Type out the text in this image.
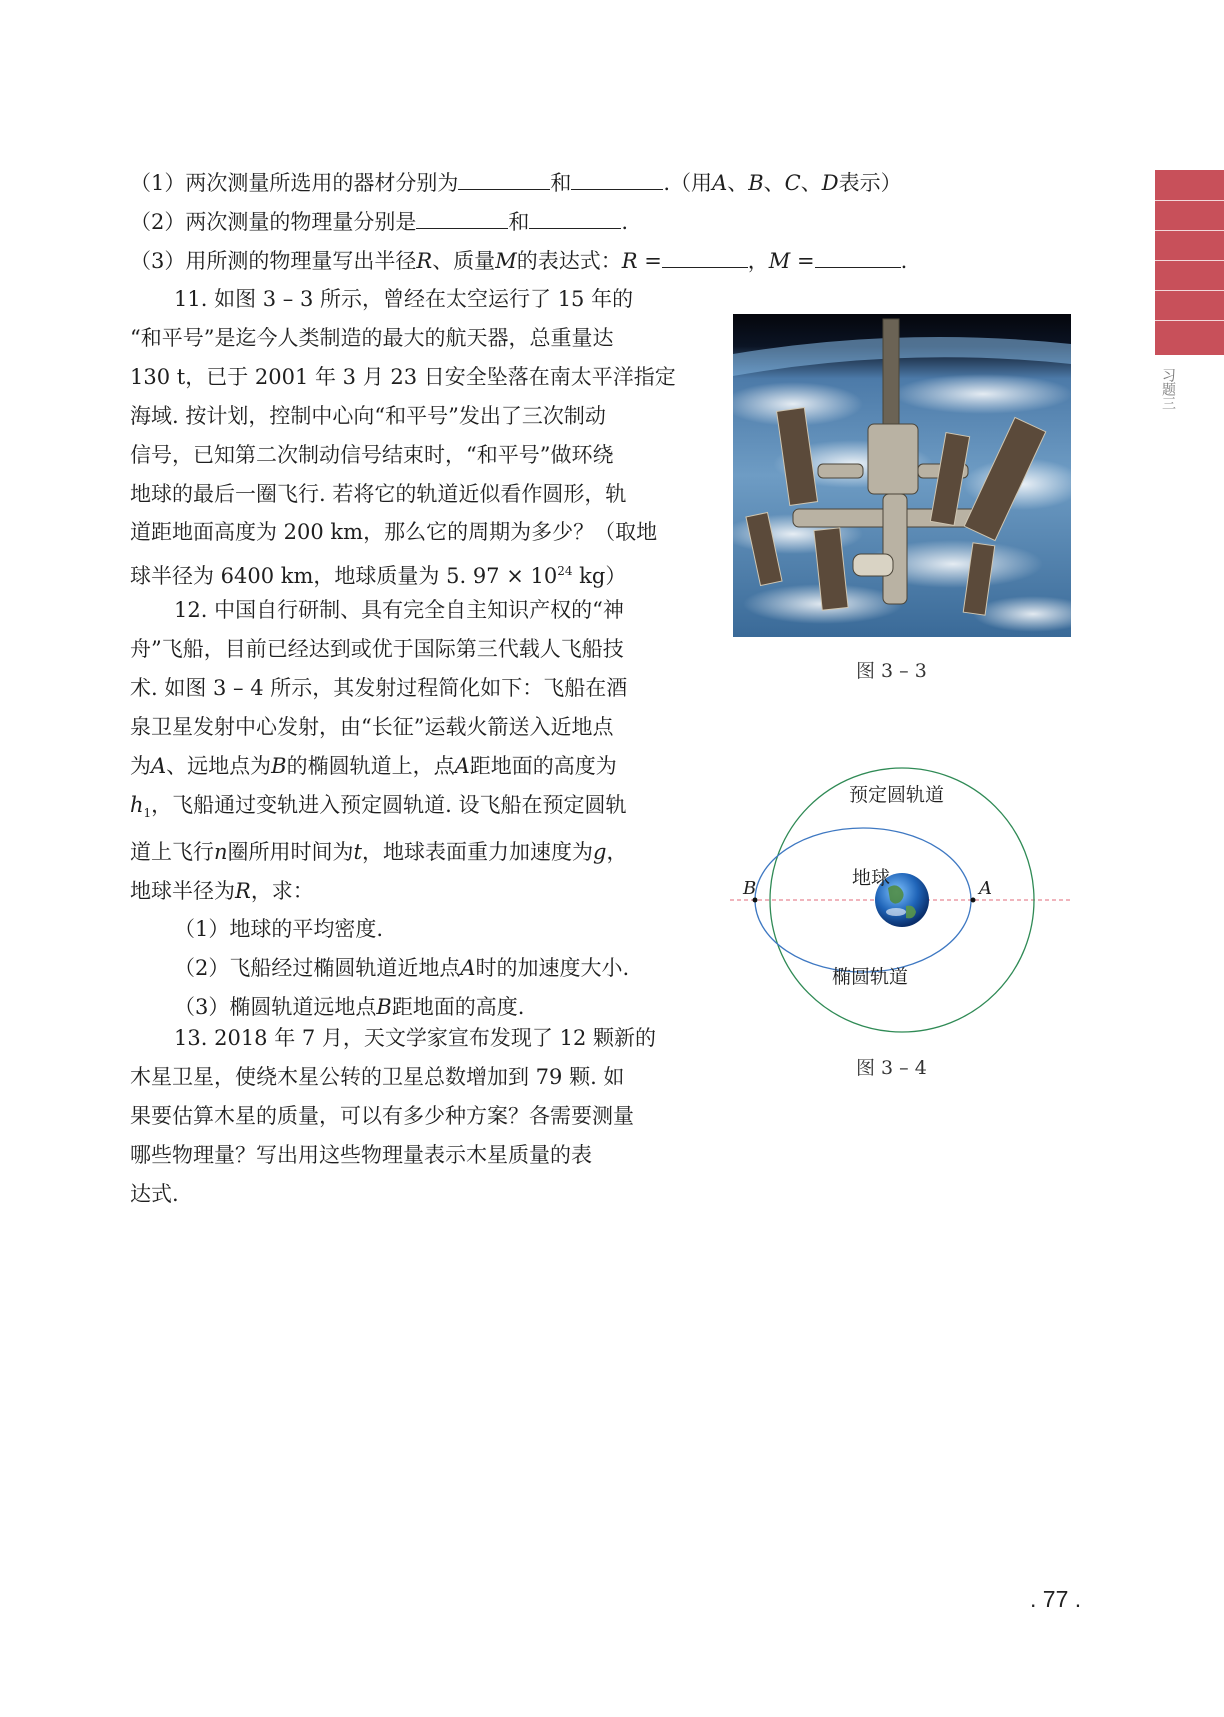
（1）两次测量所选用的器材分别为	和	.（用A、B、C、D表示）
（2）两次测量的物理量分别是	和	.
（3）用所测的物理量写出半径R、质量M的表达式：R =	，M =	.
11. 如图 3 – 3 所示，曾经在太空运行了 15 年的
“和平号”是迄今人类制造的最大的航天器，总重量达
130 t，已于 2001 年 3 月 23 日安全坠落在南太平洋指定
海域. 按计划，控制中心向“和平号”发出了三次制动
信号，已知第二次制动信号结束时，“和平号”做环绕
地球的最后一圈飞行. 若将它的轨道近似看作圆形，轨
道距地面高度为 200 km，那么它的周期为多少？（取地
球半径为 6400 km，地球质量为 5. $97 \times 10^{24}$ kg）
12. 中国自行研制、具有完全自主知识产权的“神
舟”飞船，目前已经达到或优于国际第三代载人飞船技
术. 如图 3 – 4 所示，其发射过程简化如下：飞船在酒
泉卫星发射中心发射，由“长征”运载火箭送入近地点
为A、远地点为B的椭圆轨道上，点A距地面的高度为
$h_1$，飞船通过变轨进入预定圆轨道. 设飞船在预定圆轨
道上飞行n圈所用时间为t，地球表面重力加速度为g，
地球半径为R，求：
（1）地球的平均密度.
（2）飞船经过椭圆轨道近地点A时的加速度大小.
（3）椭圆轨道远地点B距地面的高度.
13. 2018 年 7 月，天文学家宣布发现了 12 颗新的
木星卫星，使绕木星公转的卫星总数增加到 79 颗. 如
果要估算木星的质量，可以有多少种方案？各需要测量
哪些物理量？写出用这些物理量表示木星质量的表
达式.
图 3 – 3
B	A
地球
预定圆轨道
椭圆轨道
图 3 – 4
习题三
. 77 .
